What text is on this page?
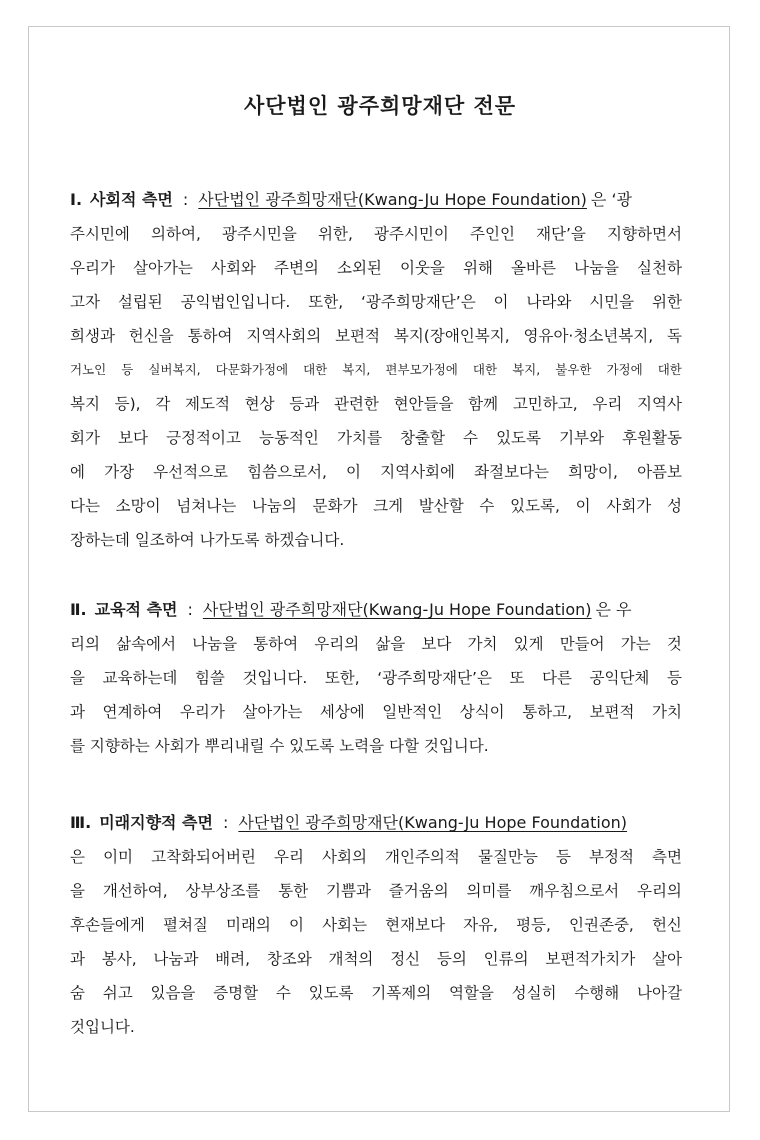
사단법인 광주희망재단 전문
Ⅰ. 사회적 측면 : 사단법인 광주희망재단(Kwang-Ju Hope Foundation) 은 ‘광
주시민에 의하여, 광주시민을 위한, 광주시민이 주인인 재단’을 지향하면서
우리가 살아가는 사회와 주변의 소외된 이웃을 위해 올바른 나눔을 실천하
고자 설립된 공익법인입니다. 또한, ‘광주희망재단’은 이 나라와 시민을 위한
희생과 헌신을 통하여 지역사회의 보편적 복지(장애인복지, 영유아·청소년복지, 독
거노인 등 실버복지, 다문화가정에 대한 복지, 편부모가정에 대한 복지, 불우한 가정에 대한
복지 등), 각 제도적 현상 등과 관련한 현안들을 함께 고민하고, 우리 지역사
회가 보다 긍정적이고 능동적인 가치를 창출할 수 있도록 기부와 후원활동
에 가장 우선적으로 힘씀으로서, 이 지역사회에 좌절보다는 희망이, 아픔보
다는 소망이 넘쳐나는 나눔의 문화가 크게 발산할 수 있도록, 이 사회가 성
장하는데 일조하여 나가도록 하겠습니다.
Ⅱ. 교육적 측면 : 사단법인 광주희망재단(Kwang-Ju Hope Foundation) 은 우
리의 삶속에서 나눔을 통하여 우리의 삶을 보다 가치 있게 만들어 가는 것
을 교육하는데 힘쓸 것입니다. 또한, ‘광주희망재단’은 또 다른 공익단체 등
과 연계하여 우리가 살아가는 세상에 일반적인 상식이 통하고, 보편적 가치
를 지향하는 사회가 뿌리내릴 수 있도록 노력을 다할 것입니다.
Ⅲ. 미래지향적 측면 : 사단법인 광주희망재단(Kwang-Ju Hope Foundation)
은 이미 고착화되어버린 우리 사회의 개인주의적 물질만능 등 부정적 측면
을 개선하여, 상부상조를 통한 기쁨과 즐거움의 의미를 깨우침으로서 우리의
후손들에게 펼쳐질 미래의 이 사회는 현재보다 자유, 평등, 인권존중, 헌신
과 봉사, 나눔과 배려, 창조와 개척의 정신 등의 인류의 보편적가치가 살아
숨 쉬고 있음을 증명할 수 있도록 기폭제의 역할을 성실히 수행해 나아갈
것입니다.
